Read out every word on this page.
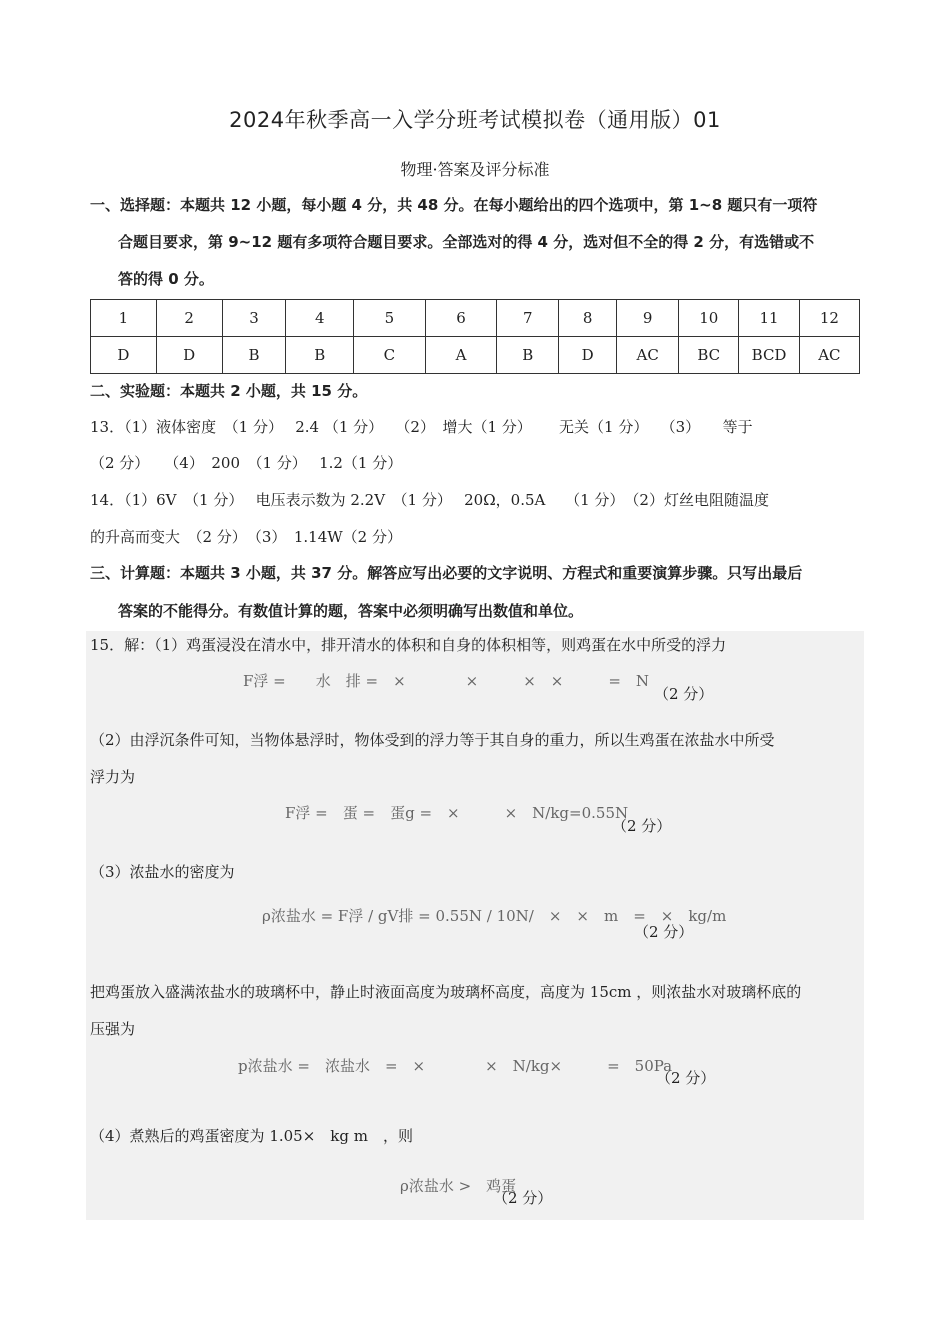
2024年秋季高一入学分班考试模拟卷（通用版）01
物理·答案及评分标准
一、选择题：本题共 12 小题，每小题 4 分，共 48 分。在每小题给出的四个选项中，第 1~8 题只有一项符
合题目要求，第 9~12 题有多项符合题目要求。全部选对的得 4 分，选对但不全的得 2 分，有选错或不
答的得 0 分。
1	2	3	4	5	6	7	8	9	10	11	12
D	D	B	B	C	A	B	D	AC	BC	BCD	AC
二、实验题：本题共 2 小题，共 15 分。
13．（1）液体密度　（1 分）　 2.4 （1 分）　 （2）　增大（1 分）　　 无关（1 分）　 （3）　　等于
（2 分）　　（4）　200　（1 分）　 1.2（1 分）
14．（1）6V　（1 分）　 电压表示数为 2.2V　（1 分）　 20Ω，0.5A　 （1 分）　（2）灯丝电阻随温度
的升高而变大　（2 分）　（3）　1.14W（2 分）
三、计算题：本题共 3 小题，共 37 分。解答应写出必要的文字说明、方程式和重要演算步骤。只写出最后
答案的不能得分。有数值计算的题，答案中必须明确写出数值和单位。
15．解：（1）鸡蛋浸没在清水中，排开清水的体积和自身的体积相等，则鸡蛋在水中所受的浮力
F浮 =　　水　排 =　×　　　　×　　　×　×　　　=　N
（2 分）
（2）由浮沉条件可知，当物体悬浮时，物体受到的浮力等于其自身的重力，所以生鸡蛋在浓盐水中所受
浮力为
F浮 =　蛋 =　蛋g =　×　　　×　N/kg=0.55N
（2 分）
（3）浓盐水的密度为
ρ浓盐水 = F浮 / gV排 = 0.55N / 10N/　×　×　m　=　×　kg/m
（2 分）
把鸡蛋放入盛满浓盐水的玻璃杯中，静止时液面高度为玻璃杯高度，高度为 15cm ，则浓盐水对玻璃杯底的
压强为
p浓盐水 =　浓盐水　=　×　　　　×　N/kg×　　　=　50Pa
（2 分）
（4）煮熟后的鸡蛋密度为 1.05×　kg m　，则
ρ浓盐水 >　鸡蛋
（2 分）
